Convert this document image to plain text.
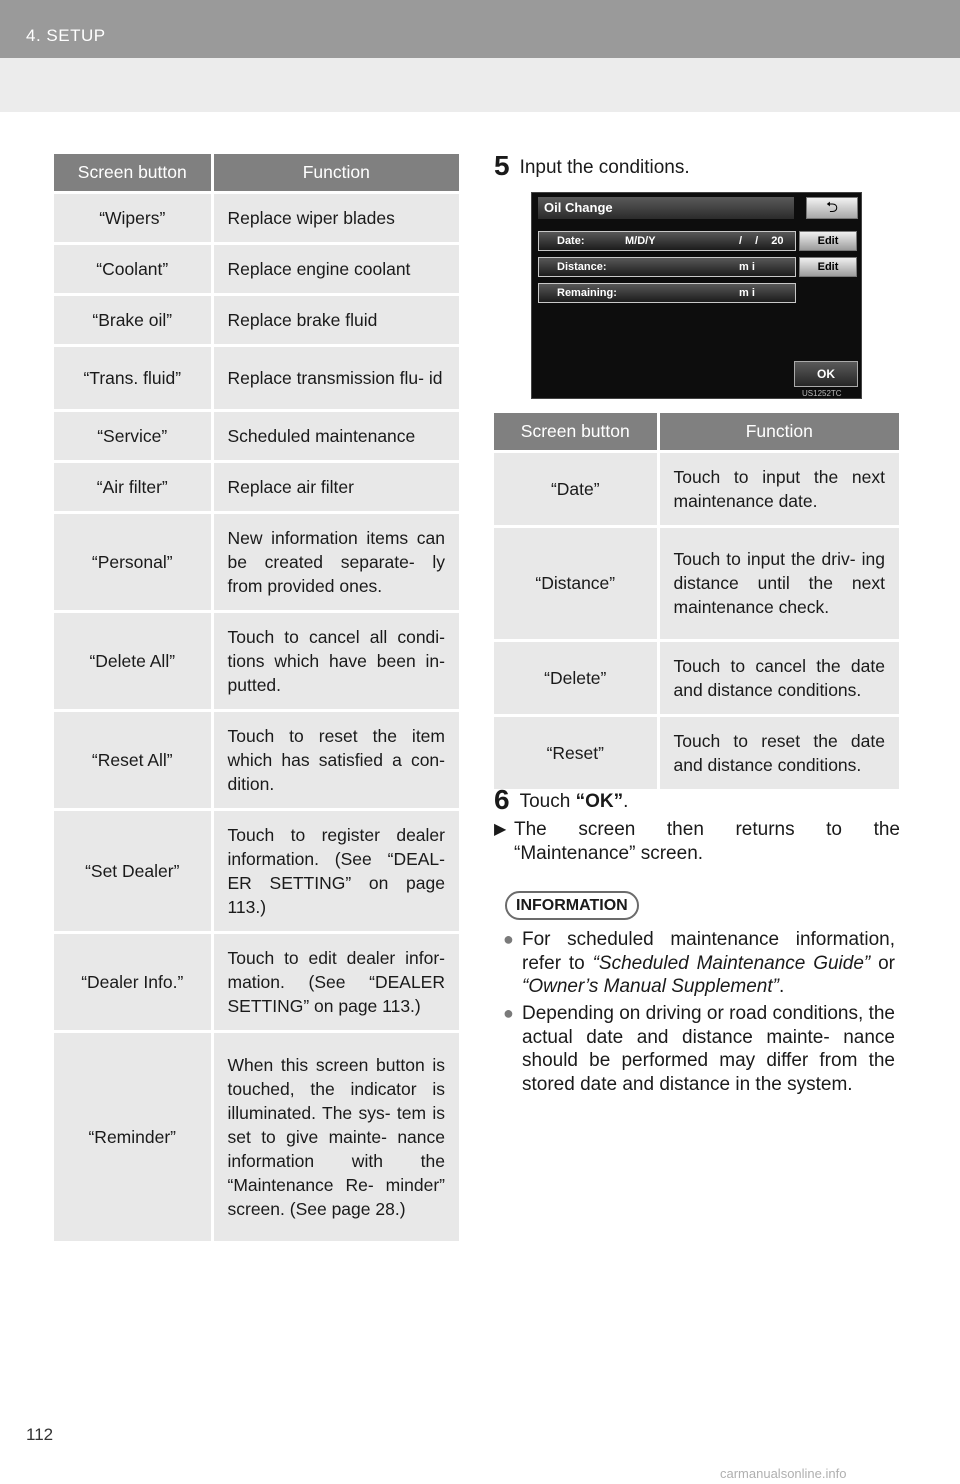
4. SETUP
Screen button	Function
“Wipers”	Replace wiper blades
“Coolant”	Replace engine coolant
“Brake oil”	Replace brake fluid
“Trans. fluid”	Replace transmission flu- id
“Service”	Scheduled maintenance
“Air filter”	Replace air filter
“Personal”	New information items can be created separate- ly from provided ones.
“Delete All”	Touch to cancel all condi- tions which have been in- putted.
“Reset All”	Touch to reset the item which has satisfied a con- dition.
“Set Dealer”	Touch to register dealer information. (See “DEAL- ER SETTING” on page 113.)
“Dealer Info.”	Touch to edit dealer infor- mation. (See “DEALER SETTING” on page 113.)
“Reminder”	When this screen button is touched, the indicator is illuminated. The sys- tem is set to give mainte- nance information with the “Maintenance Re- minder” screen. (See page 28.)
5 Input the conditions.
Oil Change	⮌
Date:	M/D/Y	/ / 20	Edit
Distance:	m i	Edit
Remaining:	m i
OK
US1252TC
Screen button	Function
“Date”	Touch to input the next maintenance date.
“Distance”	Touch to input the driv- ing distance until the next maintenance check.
“Delete”	Touch to cancel the date and distance conditions.
“Reset”	Touch to reset the date and distance conditions.
6 Touch “OK”.
▶ The screen then returns to the
“Maintenance” screen.
INFORMATION
● For scheduled maintenance information, refer to “Scheduled Maintenance Guide” or “Owner’s Manual Supplement”.
● Depending on driving or road conditions, the actual date and distance mainte- nance should be performed may differ from the stored date and distance in the system.
112
carmanualsonline.info
